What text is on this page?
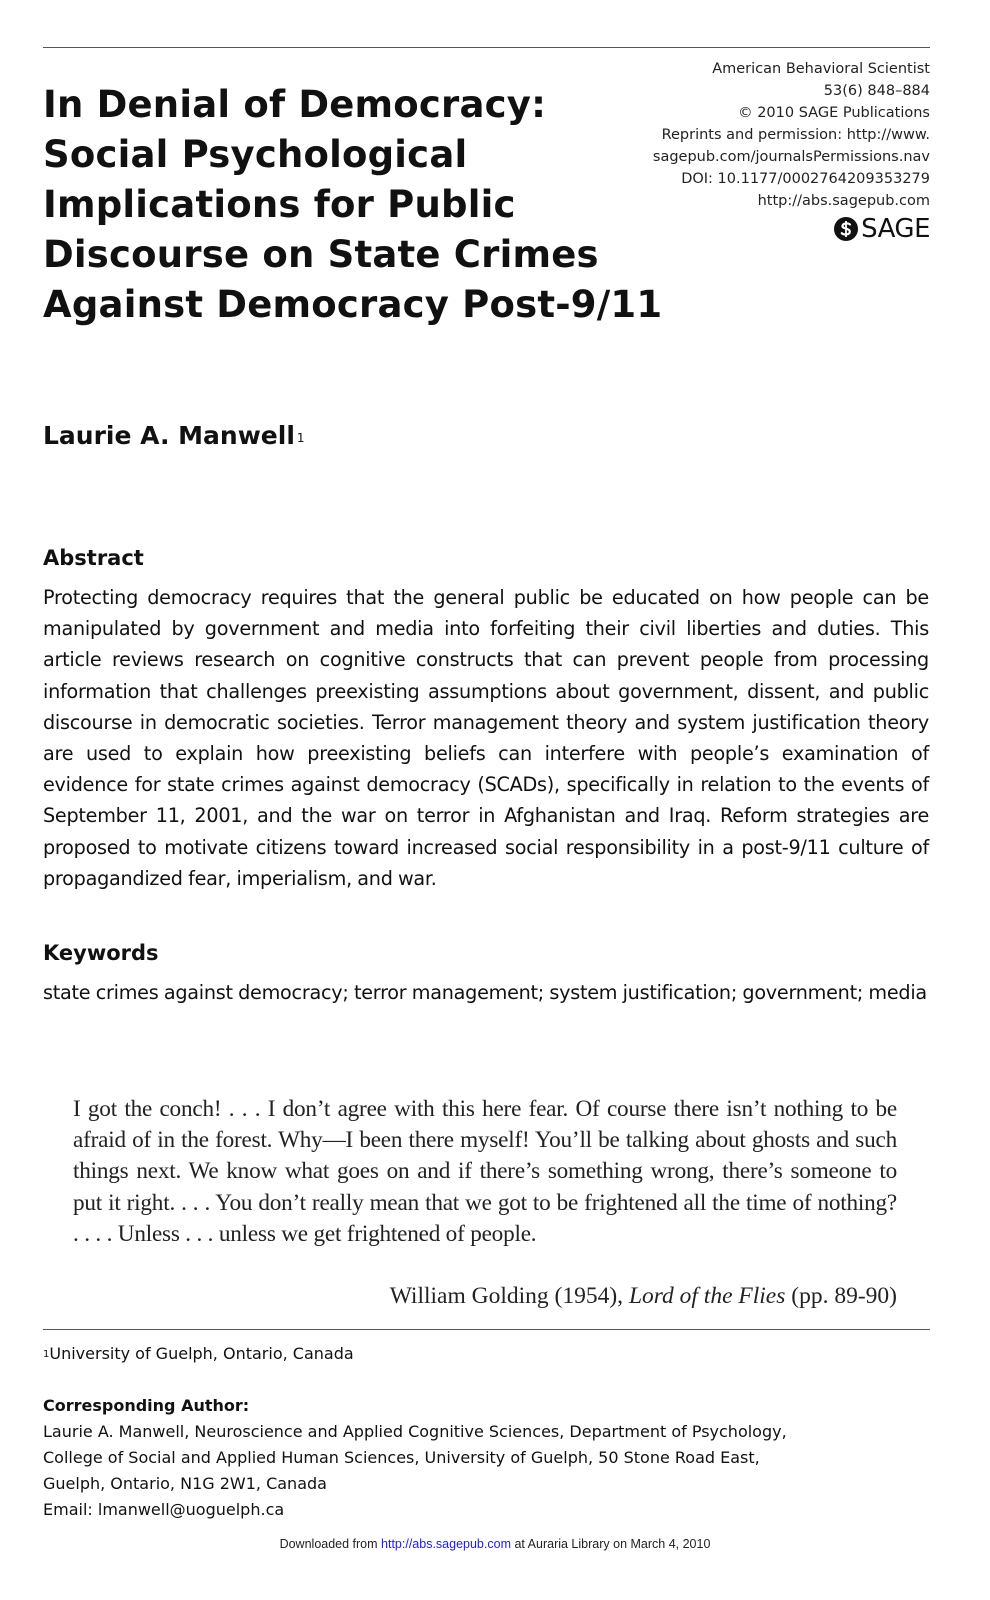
In Denial of Democracy:
Social Psychological
Implications for Public
Discourse on State Crimes
Against Democracy Post-9/11
American Behavioral Scientist
53(6) 848–884
© 2010 SAGE Publications
Reprints and permission: http://www.
sagepub.com/journalsPermissions.nav
DOI: 10.1177/0002764209353279
http://abs.sagepub.com
SAGE
Laurie A. Manwell $^1$
Abstract

Protecting democracy requires that the general public be educated on how people can be manipulated by government and media into forfeiting their civil liberties and duties. This article reviews research on cognitive constructs that can prevent people from processing information that challenges preexisting assumptions about government, dissent, and public discourse in democratic societies. Terror management theory and system justification theory are used to explain how preexisting beliefs can interfere with people’s examination of evidence for state crimes against democracy (SCADs), specifically in relation to the events of September 11, 2001, and the war on terror in Afghanistan and Iraq. Reform strategies are proposed to motivate citizens toward increased social responsibility in a post-9/11 culture of propagandized fear, imperialism, and war.

Keywords

state crimes against democracy; terror management; system justification; government; media

I got the conch! . . . I don’t agree with this here fear. Of course there isn’t nothing to be afraid of in the forest. Why—I been there myself! You’ll be talking about ghosts and such things next. We know what goes on and if there’s something wrong, there’s someone to put it right. . . . You don’t really mean that we got to be frightened all the time of nothing? . . . . Unless . . . unless we get frightened of people.

William Golding (1954), Lord of the Flies (pp. 89-90)
$^1$University of Guelph, Ontario, Canada
Corresponding Author:
Laurie A. Manwell, Neuroscience and Applied Cognitive Sciences, Department of Psychology,
College of Social and Applied Human Sciences, University of Guelph, 50 Stone Road East,
Guelph, Ontario, N1G 2W1, Canada
Email: lmanwell@uoguelph.ca
Downloaded from http://abs.sagepub.com at Auraria Library on March 4, 2010
